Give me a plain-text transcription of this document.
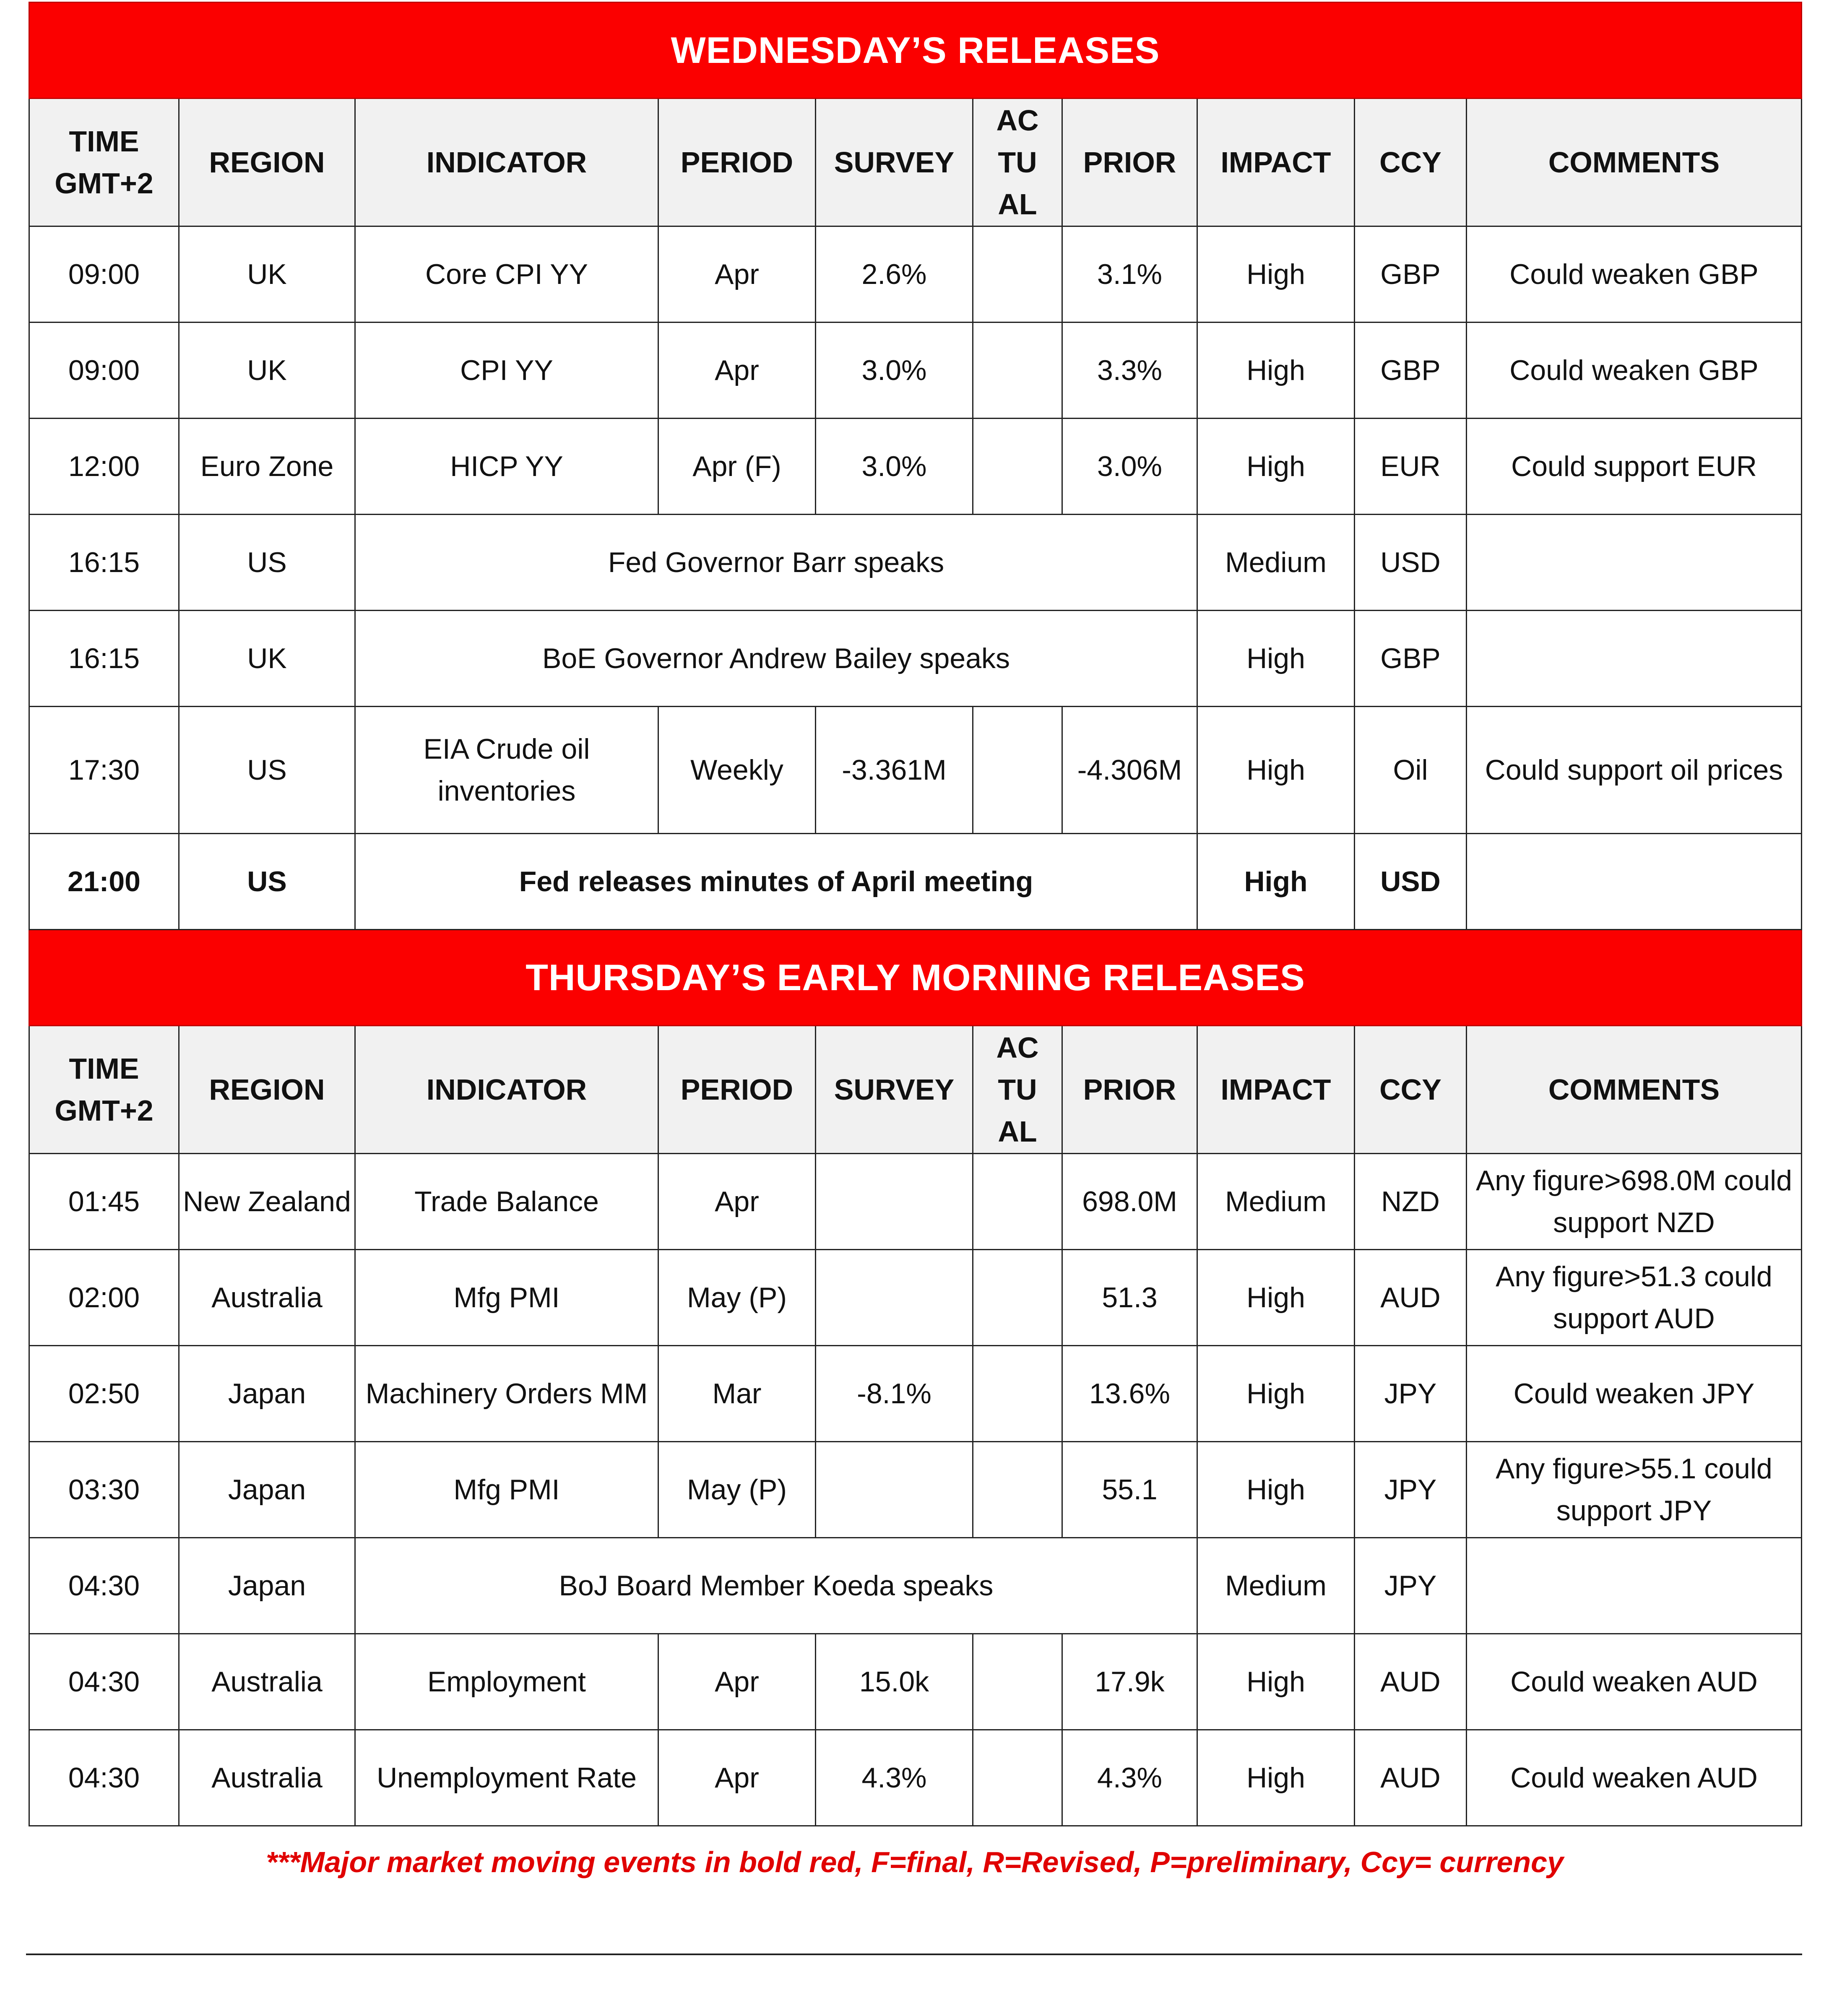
WEDNESDAY’S RELEASES									
TIME GMT+2	REGION	INDICATOR	PERIOD	SURVEY	AC TU AL	PRIOR	IMPACT	CCY	COMMENTS
09:00	UK	Core CPI YY	Apr	2.6%		3.1%	High	GBP	Could weaken GBP
09:00	UK	CPI YY	Apr	3.0%		3.3%	High	GBP	Could weaken GBP
12:00	Euro Zone	HICP YY	Apr (F)	3.0%		3.0%	High	EUR	Could support EUR
16:15	US	Fed Governor Barr speaks					Medium	USD	
16:15	UK	BoE Governor Andrew Bailey speaks					High	GBP	
17:30	US	EIA Crude oil inventories	Weekly	-3.361M		-4.306M	High	Oil	Could support oil prices
21:00	US	Fed releases minutes of April meeting					High	USD	
THURSDAY’S EARLY MORNING RELEASES									
TIME GMT+2	REGION	INDICATOR	PERIOD	SURVEY	AC TU AL	PRIOR	IMPACT	CCY	COMMENTS
01:45	New Zealand	Trade Balance	Apr			698.0M	Medium	NZD	Any figure>698.0M could support NZD
02:00	Australia	Mfg PMI	May (P)			51.3	High	AUD	Any figure>51.3 could support AUD
02:50	Japan	Machinery Orders MM	Mar	-8.1%		13.6%	High	JPY	Could weaken JPY
03:30	Japan	Mfg PMI	May (P)			55.1	High	JPY	Any figure>55.1 could support JPY
04:30	Japan	BoJ Board Member Koeda speaks					Medium	JPY	
04:30	Australia	Employment	Apr	15.0k		17.9k	High	AUD	Could weaken AUD
04:30	Australia	Unemployment Rate	Apr	4.3%		4.3%	High	AUD	Could weaken AUD
***Major market moving events in bold red, F=final, R=Revised, P=preliminary, Ccy= currency
